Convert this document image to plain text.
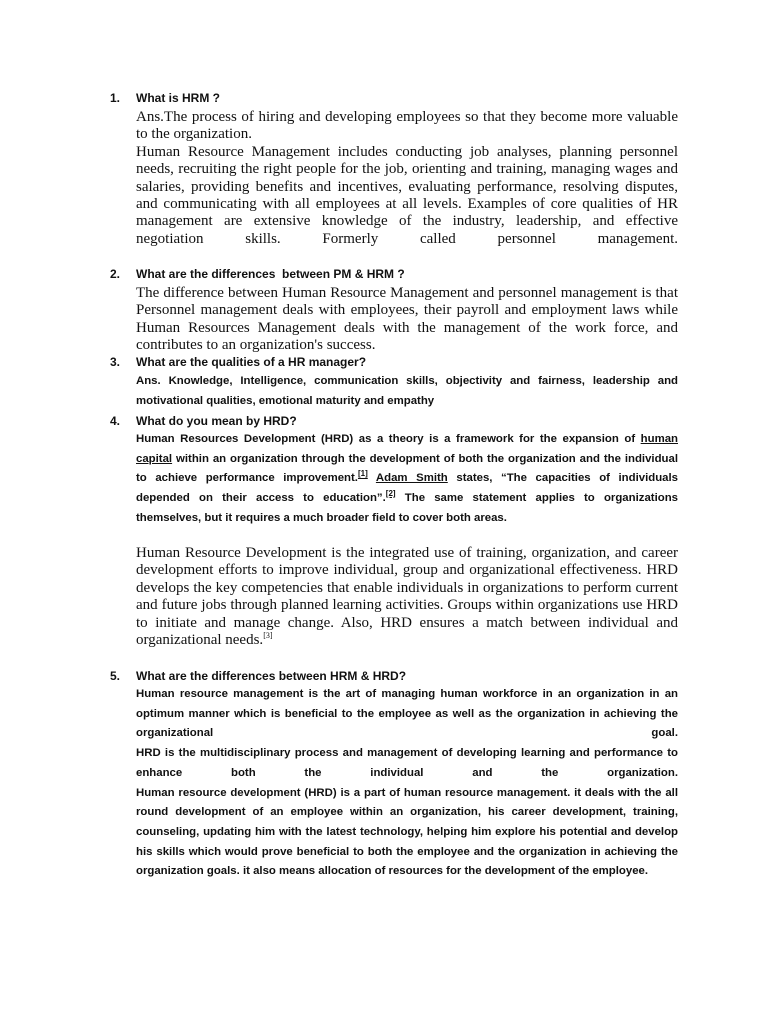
1. What is HRM ?

Ans.The process of hiring and developing employees so that they become more valuable to the organization.

Human Resource Management includes conducting job analyses, planning personnel needs, recruiting the right people for the job, orienting and training, managing wages and salaries, providing benefits and incentives, evaluating performance, resolving disputes, and communicating with all employees at all levels. Examples of core qualities of HR management are extensive knowledge of the industry, leadership, and effective negotiation skills. Formerly called personnel management.

2. What are the differences  between PM & HRM ?

The difference between Human Resource Management and personnel management is that Personnel management deals with employees, their payroll and employment laws while Human Resources Management deals with the management of the work force, and contributes to an organization's success.

3. What are the qualities of a HR manager?

Ans. Knowledge, Intelligence, communication skills, objectivity and fairness, leadership and motivational qualities, emotional maturity and empathy

4. What do you mean by HRD?

Human Resources Development (HRD) as a theory is a framework for the expansion of human capital within an organization through the development of both the organization and the individual to achieve performance improvement.[1] Adam Smith states, “The capacities of individuals depended on their access to education”.[2] The same statement applies to organizations themselves, but it requires a much broader field to cover both areas.

Human Resource Development is the integrated use of training, organization, and career development efforts to improve individual, group and organizational effectiveness. HRD develops the key competencies that enable individuals in organizations to perform current and future jobs through planned learning activities. Groups within organizations use HRD to initiate and manage change. Also, HRD ensures a match between individual and organizational needs.[3]

5. What are the differences between HRM & HRD?

Human resource management is the art of managing human workforce in an organization in an optimum manner which is beneficial to the employee as well as the organization in achieving the organizational goal.

HRD is the multidisciplinary process and management of developing learning and performance to enhance both the individual and the organization.

Human resource development (HRD) is a part of human resource management. it deals with the all round development of an employee within an organization, his career development, training, counseling, updating him with the latest technology, helping him explore his potential and develop his skills which would prove beneficial to both the employee and the organization in achieving the organization goals. it also means allocation of resources for the development of the employee.
